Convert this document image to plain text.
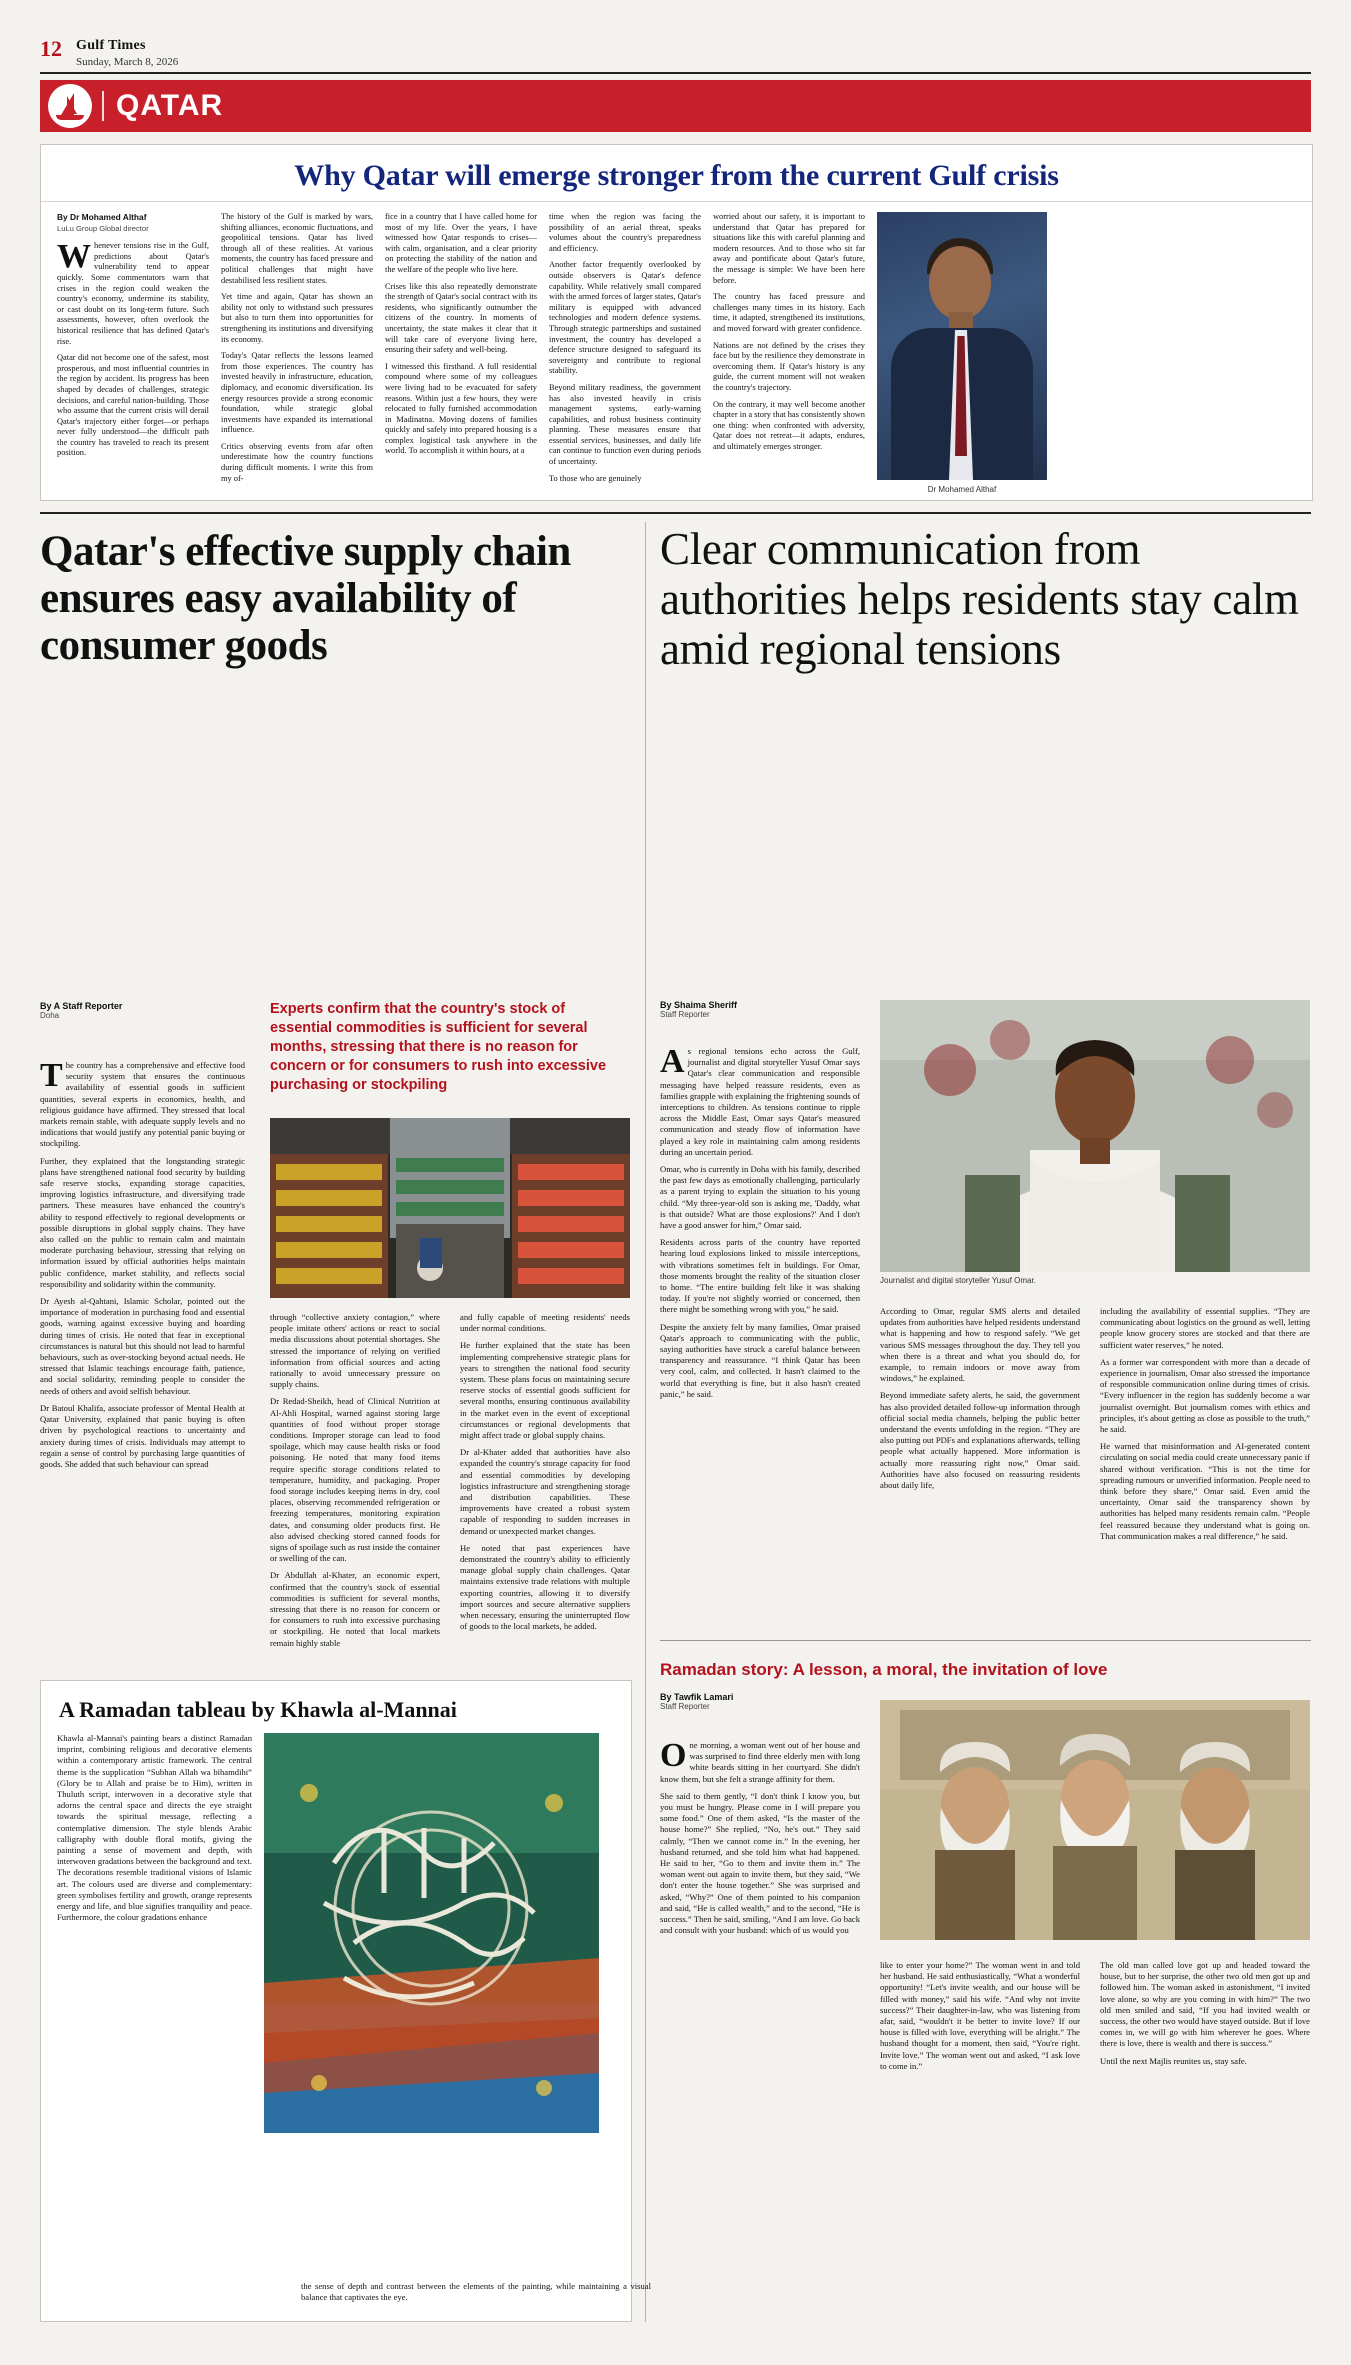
12 Gulf Times
Sunday, March 8, 2026
QATAR
Why Qatar will emerge stronger from the current Gulf crisis
By Dr Mohamed Althaf
LuLu Group Global director

Whenever tensions rise in the Gulf, predictions about Qatar's vulnerability tend to appear quickly. Some commentators warn that crises in the region could weaken the country's economy, undermine its stability, or cast doubt on its long-term future. Such assessments, however, often overlook the historical resilience that has defined Qatar's rise.

Qatar did not become one of the safest, most prosperous, and most influential countries in the region by accident. Its progress has been shaped by decades of challenges, strategic decisions, and careful nation-building. Those who assume that the current crisis will derail Qatar's trajectory either forget—or perhaps never fully understood—the difficult path the country has traveled to reach its present position.

The history of the Gulf is marked by wars, shifting alliances, economic fluctuations, and geopolitical tensions. Qatar has lived through all of these realities. At various moments, the country has faced pressure and political challenges that might have destabilised less resilient states.

Yet time and again, Qatar has shown an ability not only to withstand such pressures but also to turn them into opportunities for strengthening its institutions and diversifying its economy.

Today's Qatar reflects the lessons learned from those experiences. The country has invested heavily in infrastructure, education, diplomacy, and economic diversification. Its energy resources provide a strong economic foundation, while strategic global investments have expanded its international influence.

Critics observing events from afar often underestimate how the country functions during difficult moments. I write this from my of-

fice in a country that I have called home for most of my life. Over the years, I have witnessed how Qatar responds to crises—with calm, organisation, and a clear priority on protecting the stability of the nation and the welfare of the people who live here.

Crises like this also repeatedly demonstrate the strength of Qatar's social contract with its residents, who significantly outnumber the citizens of the country. In moments of uncertainty, the state makes it clear that it will take care of everyone living here, ensuring their safety and well-being.

I witnessed this firsthand. A full residential compound where some of my colleagues were living had to be evacuated for safety reasons. Within just a few hours, they were relocated to fully furnished accommodation in Madinatna. Moving dozens of families quickly and safely into prepared housing is a complex logistical task anywhere in the world. To accomplish it within hours, at a

time when the region was facing the possibility of an aerial threat, speaks volumes about the country's preparedness and efficiency.

Another factor frequently overlooked by outside observers is Qatar's defence capability. While relatively small compared with the armed forces of larger states, Qatar's military is equipped with advanced technologies and modern defence systems. Through strategic partnerships and sustained investment, the country has developed a defence structure designed to safeguard its sovereignty and contribute to regional stability.

Beyond military readiness, the government has also invested heavily in crisis management systems, early-warning capabilities, and robust business continuity planning. These measures ensure that essential services, businesses, and daily life can continue to function even during periods of uncertainty.

To those who are genuinely

worried about our safety, it is important to understand that Qatar has prepared for situations like this with careful planning and modern resources. And to those who sit far away and pontificate about Qatar's future, the message is simple: We have been here before.

The country has faced pressure and challenges many times in its history. Each time, it adapted, strengthened its institutions, and moved forward with greater confidence.

Nations are not defined by the crises they face but by the resilience they demonstrate in overcoming them. If Qatar's history is any guide, the current moment will not weaken the country's trajectory.

On the contrary, it may well become another chapter in a story that has consistently shown one thing: when confronted with adversity, Qatar does not retreat—it adapts, endures, and ultimately emerges stronger.

Dr Mohamed Althaf
Qatar's effective supply chain ensures easy availability of consumer goods
By A Staff Reporter
Doha	Experts confirm that the country's stock of essential commodities is sufficient for several months, stressing that there is no reason for concern or for consumers to rush into excessive purchasing or stockpiling

The country has a comprehensive and effective food security system that ensures the continuous availability of essential goods in sufficient quantities, several experts in economics, health, and religious guidance have affirmed. They stressed that local markets remain stable, with adequate supply levels and no indications that would justify any potential panic buying or stockpiling.

Further, they explained that the longstanding strategic plans have strengthened national food security by building safe reserve stocks, expanding storage capacities, improving logistics infrastructure, and diversifying trade partners. These measures have enhanced the country's ability to respond effectively to regional developments or possible disruptions in global supply chains. They have also called on the public to remain calm and maintain moderate purchasing behaviour, stressing that relying on information issued by official authorities helps maintain public confidence, market stability, and reflects social responsibility and solidarity within the community.

Dr Ayesh al-Qahtani, Islamic Scholar, pointed out the importance of moderation in purchasing food and essential goods, warning against excessive buying and hoarding during times of crisis. He noted that fear in exceptional circumstances is natural but this should not lead to harmful behaviours, such as over-stocking beyond actual needs. He stressed that Islamic teachings encourage faith, patience, and social solidarity, reminding people to consider the needs of others and avoid selfish behaviour.

Dr Batoul Khalifa, associate professor of Mental Health at Qatar University, explained that panic buying is often driven by psychological reactions to uncertainty and anxiety during times of crisis. Individuals may attempt to regain a sense of control by purchasing large quantities of goods. She added that such behaviour can spread

through “collective anxiety contagion,” where people imitate others' actions or react to social media discussions about potential shortages. She stressed the importance of relying on verified information from official sources and acting rationally to avoid unnecessary pressure on supply chains.

Dr Redad-Sheikh, head of Clinical Nutrition at Al-Ahli Hospital, warned against storing large quantities of food without proper storage conditions. Improper storage can lead to food spoilage, which may cause health risks or food poisoning. He noted that many food items require specific storage conditions related to temperature, humidity, and packaging. Proper food storage includes keeping items in dry, cool places, observing recommended refrigeration or freezing temperatures, monitoring expiration dates, and consuming older products first. He also advised checking stored canned foods for signs of spoilage such as rust inside the container or swelling of the can.

Dr Abdullah al-Khater, an economic expert, confirmed that the country's stock of essential commodities is sufficient for several months, stressing that there is no reason for concern or for consumers to rush into excessive purchasing or stockpiling. He noted that local markets remain highly stable

and fully capable of meeting residents' needs under normal conditions.

He further explained that the state has been implementing comprehensive strategic plans for years to strengthen the national food security system. These plans focus on maintaining secure reserve stocks of essential goods sufficient for several months, ensuring continuous availability in the market even in the event of exceptional circumstances or regional developments that might affect trade or global supply chains.

Dr al-Khater added that authorities have also expanded the country's storage capacity for food and essential commodities by developing logistics infrastructure and strengthening storage and distribution capabilities. These improvements have created a robust system capable of responding to sudden increases in demand or unexpected market changes.

He noted that past experiences have demonstrated the country's ability to efficiently manage global supply chain challenges. Qatar maintains extensive trade relations with multiple exporting countries, allowing it to diversify import sources and secure alternative suppliers when necessary, ensuring the uninterrupted flow of goods to the local markets, he added.

Clear communication from authorities helps residents stay calm amid regional tensions
By Shaima Sheriff
Staff Reporter
Journalist and digital storyteller Yusuf Omar.

As regional tensions echo across the Gulf, journalist and digital storyteller Yusuf Omar says Qatar's clear communication and responsible messaging have helped reassure residents, even as families grapple with explaining the frightening sounds of interceptions to children. As tensions continue to ripple across the Middle East, Omar says Qatar's measured communication and steady flow of information have played a key role in maintaining calm among residents during an uncertain period.

Omar, who is currently in Doha with his family, described the past few days as emotionally challenging, particularly as a parent trying to explain the situation to his young child. “My three-year-old son is asking me, 'Daddy, what is that outside? What are those explosions?' And I don't have a good answer for him,” Omar said.

Residents across parts of the country have reported hearing loud explosions linked to missile interceptions, with vibrations sometimes felt in buildings. For Omar, those moments brought the reality of the situation closer to home. “The entire building felt like it was shaking today. If you're not slightly worried or concerned, then there might be something wrong with you,” he said.

Despite the anxiety felt by many families, Omar praised Qatar's approach to communicating with the public, saying authorities have struck a careful balance between transparency and reassurance. “I think Qatar has been very cool, calm, and collected. It hasn't claimed to the world that everything is fine, but it also hasn't created panic,” he said.

According to Omar, regular SMS alerts and detailed updates from authorities have helped residents understand what is happening and how to respond safely. “We get various SMS messages throughout the day. They tell you when there is a threat and what you should do, for example, to remain indoors or move away from windows,” he explained.

Beyond immediate safety alerts, he said, the government has also provided detailed follow-up information through official social media channels, helping the public better understand the events unfolding in the region. “They are also putting out PDFs and explanations afterwards, telling people what actually happened. More information is actually more reassuring right now,” Omar said. Authorities have also focused on reassuring residents about daily life,

including the availability of essential supplies. “They are communicating about logistics on the ground as well, letting people know grocery stores are stocked and that there are sufficient water reserves,” he noted.

As a former war correspondent with more than a decade of experience in journalism, Omar also stressed the importance of responsible communication online during times of crisis. “Every influencer in the region has suddenly become a war journalist overnight. But journalism comes with ethics and principles, it's about getting as close as possible to the truth,” he said.

He warned that misinformation and AI-generated content circulating on social media could create unnecessary panic if shared without verification. “This is not the time for spreading rumours or unverified information. People need to think before they share,” Omar said. Even amid the uncertainty, Omar said the transparency shown by authorities has helped many residents remain calm. “People feel reassured because they understand what is going on. That communication makes a real difference,” he said.

Ramadan story: A lesson, a moral, the invitation of love
By Tawfik Lamari
Staff Reporter

One morning, a woman went out of her house and was surprised to find three elderly men with long white beards sitting in her courtyard. She didn't know them, but she felt a strange affinity for them.

She said to them gently, “I don't think I know you, but you must be hungry. Please come in I will prepare you some food.” One of them asked, “Is the master of the house home?” She replied, “No, he's out.” They said calmly, “Then we cannot come in.” In the evening, her husband returned, and she told him what had happened. He said to her, “Go to them and invite them in.” The woman went out again to invite them, but they said, “We don't enter the house together.” She was surprised and asked, “Why?” One of them pointed to his companion and said, “He is called wealth,” and to the second, “He is success.” Then he said, smiling, “And I am love. Go back and consult with your husband: which of us would you

like to enter your home?” The woman went in and told her husband. He said enthusiastically, “What a wonderful opportunity! “Let's invite wealth, and our house will be filled with money,” said his wife. “And why not invite success?” Their daughter-in-law, who was listening from afar, said, “wouldn't it be better to invite love? If our house is filled with love, everything will be alright.” The husband thought for a moment, then said, “You're right. Invite love.” The woman went out and asked, “I ask love to come in.”

The old man called love got up and headed toward the house, but to her surprise, the other two old men got up and followed him. The woman asked in astonishment, “I invited love alone, so why are you coming in with him?” The two old men smiled and said, “If you had invited wealth or success, the other two would have stayed outside. But if love comes in, we will go with him wherever he goes. Where there is love, there is wealth and there is success.”

Until the next Majlis reunites us, stay safe.

A Ramadan tableau by Khawla al-Mannai

Khawla al-Mannai's painting bears a distinct Ramadan imprint, combining religious and decorative elements within a contemporary artistic framework. The central theme is the supplication “Subhan Allah wa bihamdihi” (Glory be to Allah and praise be to Him), written in Thuluth script, interwoven in a decorative style that adorns the central space and directs the eye straight towards the spiritual message, reflecting a contemplative dimension. The style blends Arabic calligraphy with double floral motifs, giving the painting a sense of movement and depth, with interwoven gradations between the background and text. The decorations resemble traditional visions of Islamic art. The colours used are diverse and complementary: green symbolises fertility and growth, orange represents energy and life, and blue signifies tranquility and peace. Furthermore, the colour gradations enhance

the sense of depth and contrast between the elements of the painting, while maintaining a visual balance that captivates the eye.
